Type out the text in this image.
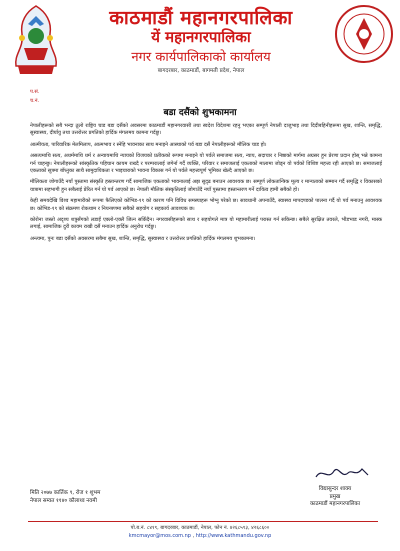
काठमाडौं महानगरपालिका
यें महानगरपालिका
नगर कार्यपालिकाको कार्यालय
बागदरबार, काठमाडौं, बागमती प्रदेश, नेपाल
प.सं.
च.नं.
बडा दसैंको शुभकामना

नेपालीहरूको सबै भन्दा ठूलो राष्ट्रिय चाड बडा दसैंको अवसरमा काठमाडौं महानगरवासी तथा स्वदेश विदेशमा रहनु भएका सम्पूर्ण नेपाली दाजुभाइ तथा दिदीबहिनीहरूमा सुख, शान्ति, समृद्धि, सुस्वास्थ्य, दीर्घायु तथा उत्तरोत्तर प्रगतिको हार्दिक मंगलमय कामना गर्दछु।

आत्मीयता, पारिवारिक मेलमिलाप, आत्मभाव र स्नेहि भावनाका साथ मनाइने आस्थाको पर्व बडा दसैं नेपालीहरूको मौलिक चाड हो।

असत्यमाथि सत्य, अधर्ममाथि धर्म र अन्यायमाथि न्यायको विजयको प्रतीकको रूपमा मनाइने यो पर्वले समाजमा सत्य, न्याय, सदाचार र निष्ठाको मार्गमा अग्रसर हुन प्रेरणा प्रदान होस् भन्ने कामना गर्न चाहन्छु। नेपालीहरूको सांस्कृतिक पहिचान कायम राख्दै र परम्परालाई जगेर्ना गर्दै व्यक्ति, परिवार र समाजलाई एकताको मालामा जोड्न यो पर्वको विशिष्ट महत्त्व रही आएको छ। समाजलाई एकताको सूत्रमा बाँध्नुका साथै सामुदायिकता र भाइचाराको भावना विकास गर्न यो पर्वले महत्त्वपूर्ण भूमिका खेल्दै आएको छ।

मौलिकता जोगाउँदै नयाँ पुस्तामा संस्कृति हस्तान्तरण गर्दै सामाजिक एकताको भावनालाई अझ सुदृढ बनाउन आवश्यक छ। सम्पूर्ण लोकतान्त्रिक मूल्य र मान्यताको सम्मान गर्दै समृद्धि र विकासको यात्रामा सहभागी हुन सबैलाई प्रेरित गर्न यो पर्व आएको छ। नेपाली मौलिक संस्कृतिलाई जोगाउँदै नयाँ पुस्तामा हस्तान्तरण गर्ने दायित्व हामी सबैको हो।

केही समयदेखि विश्व महामारीको रूपमा फैलिएको कोभिड-१९ को कारण पनि विविध समस्याहरू भोग्नु परेको छ। सावधानी अपनाउँदै, स्वास्थ्य मापदण्डको पालना गर्दै यो पर्व मनाउनु आवश्यक छ। कोभिड-१९ को संक्रमण रोकथाम र नियन्त्रणमा सबैको सहयोग र सहकार्य आवश्यक छ।

कोरोना जस्तो अदृश्य शत्रुसँगको लडाइँ एक्लो-एक्लै जित्न सकिँदैन। नगरवासीहरूको साथ र सहयोगले मात्र यो महामारीलाई परास्त गर्न सकिन्छ। सबैले सुरक्षित तवरले, भीडभाड नगरी, मास्क लगाई, सामाजिक दुरी कायम राखी दसैं मनाउन हार्दिक अनुरोध गर्दछु।

अन्त्यमा, पुनः बडा दसैंको अवसरमा सबैमा सुख, शान्ति, समृद्धि, सुस्वास्थ्य र उत्तरोत्तर प्रगतिको हार्दिक मंगलमय शुभकामना।

विद्यासुन्दर शाक्य
प्रमुख
काठमाडौं महानगरपालिका
मिति २०७७ कार्तिक ९, रोज १ शुभम
नेपाल सम्वत ११४० कौलाथ्व नवमी
पो.ब.नं. ८४१९, बागदरबार, काठमाडौं, नेपाल, फोन नं. ४२६८५९३, ४२६८६००
kmcmayor@mos.com.np , http://www.kathmandu.gov.np
